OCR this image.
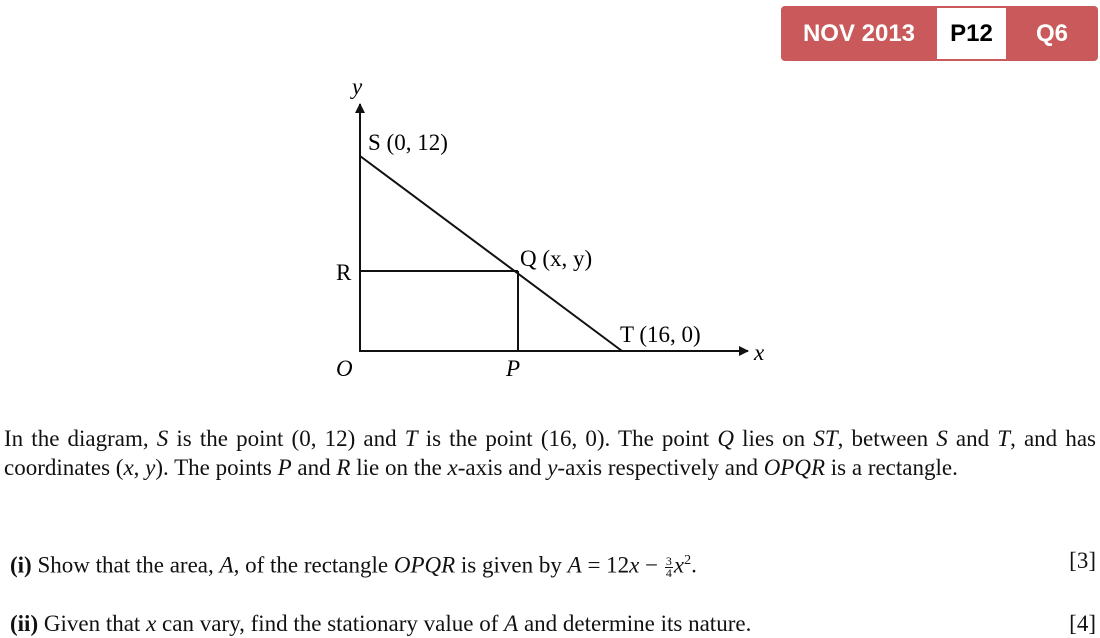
NOV 2013	P12	Q6
y
S (0, 12)
R
Q (x, y)
T (16, 0)
x
O	P
In the diagram, S is the point (0, 12) and T is the point (16, 0). The point Q lies on ST, between S and T, and has coordinates (x, y). The points P and R lie on the x-axis and y-axis respectively and OPQR is a rectangle.
(i) Show that the area, A, of the rectangle OPQR is given by $A = 12x - \frac{3}{4} x^2$.	[3]
(ii) Given that x can vary, find the stationary value of A and determine its nature.	[4]
